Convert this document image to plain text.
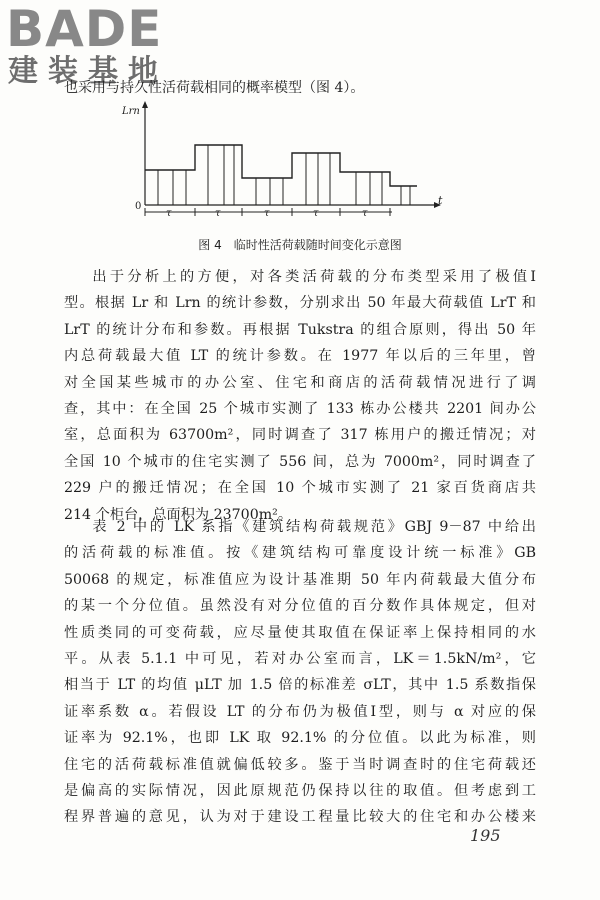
BADE
建装基地
也采用与持久性活荷载相同的概率模型（图 4）。
Lrn
t
0
τ	τ	τ	τ	τ
图 4　临时性活荷载随时间变化示意图
出于分析上的方便，对各类活荷载的分布类型采用了极值Ⅰ
型。根据 Lr 和 Lrn 的统计参数，分别求出 50 年最大荷载值 LrT 和
LrT 的统计分布和参数。再根据 Tukstra 的组合原则，得出 50 年
内总荷载最大值 LT 的统计参数。在 1977 年以后的三年里，曾
对全国某些城市的办公室、住宅和商店的活荷载情况进行了调
查，其中：在全国 25 个城市实测了 133 栋办公楼共 2201 间办公
室，总面积为 63700m²，同时调查了 317 栋用户的搬迁情况；对
全国 10 个城市的住宅实测了 556 间，总为 7000m²，同时调查了
229 户的搬迁情况；在全国 10 个城市实测了 21 家百货商店共
214 个柜台，总面积为 23700m²。
表 2 中的 LK 系指《建筑结构荷载规范》GBJ 9－87 中给出
的活荷载的标准值。按《建筑结构可靠度设计统一标准》GB
50068 的规定，标准值应为设计基准期 50 年内荷载最大值分布
的某一个分位值。虽然没有对分位值的百分数作具体规定，但对
性质类同的可变荷载，应尽量使其取值在保证率上保持相同的水
平。从表 5.1.1 中可见，若对办公室而言，LK＝1.5kN/m²，它
相当于 LT 的均值 μLT 加 1.5 倍的标准差 σLT，其中 1.5 系数指保
证率系数 α。若假设 LT 的分布仍为极值Ⅰ型，则与 α 对应的保
证率为 92.1%，也即 LK 取 92.1% 的分位值。以此为标准，则
住宅的活荷载标准值就偏低较多。鉴于当时调查时的住宅荷载还
是偏高的实际情况，因此原规范仍保持以往的取值。但考虑到工
程界普遍的意见，认为对于建设工程量比较大的住宅和办公楼来
195
